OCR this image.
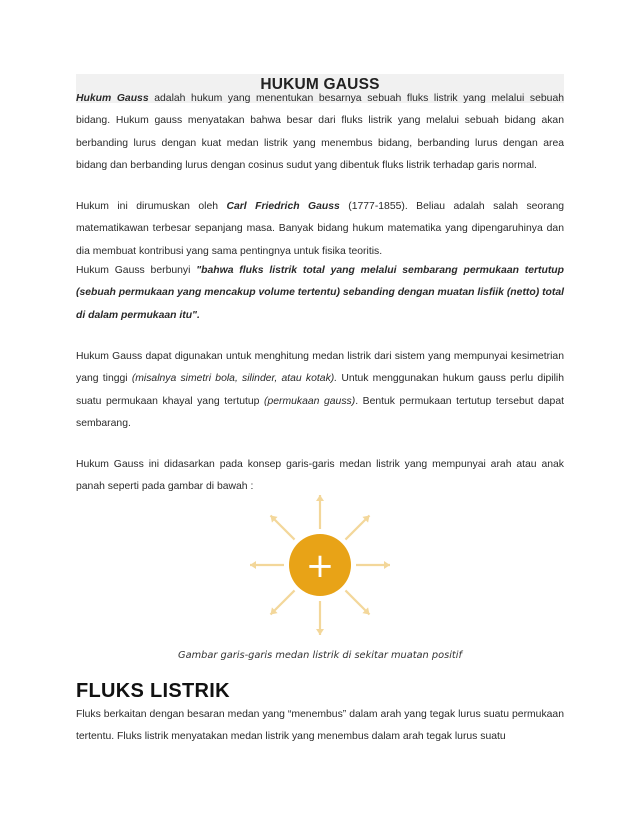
HUKUM GAUSS

Hukum Gauss adalah hukum yang menentukan besarnya sebuah fluks listrik yang melalui sebuah bidang. Hukum gauss menyatakan bahwa besar dari fluks listrik yang melalui sebuah bidang akan berbanding lurus dengan kuat medan listrik yang menembus bidang, berbanding lurus dengan area bidang dan berbanding lurus dengan cosinus sudut yang dibentuk fluks listrik terhadap garis normal.

Hukum ini dirumuskan oleh Carl Friedrich Gauss (1777-1855). Beliau adalah salah seorang matematikawan terbesar sepanjang masa. Banyak bidang hukum matematika yang dipengaruhinya dan dia membuat kontribusi yang sama pentingnya untuk fisika teoritis.

Hukum Gauss berbunyi "bahwa fluks listrik total yang melalui sembarang permukaan tertutup (sebuah permukaan yang mencakup volume tertentu) sebanding dengan muatan lisfiik (netto) total di dalam permukaan itu".

Hukum Gauss dapat digunakan untuk menghitung medan listrik dari sistem yang mempunyai kesimetrian yang tinggi (misalnya simetri bola, silinder, atau kotak). Untuk menggunakan hukum gauss perlu dipilih suatu permukaan khayal yang tertutup (permukaan gauss). Bentuk permukaan tertutup tersebut dapat sembarang.

Hukum Gauss ini didasarkan pada konsep garis-garis medan listrik yang mempunyai arah atau anak panah seperti pada gambar di bawah :

+
Gambar garis-garis medan listrik di sekitar muatan positif
FLUKS LISTRIK

Fluks berkaitan dengan besaran medan yang “menembus” dalam arah yang tegak lurus suatu permukaan tertentu. Fluks listrik menyatakan medan listrik yang menembus dalam arah tegak lurus suatu
